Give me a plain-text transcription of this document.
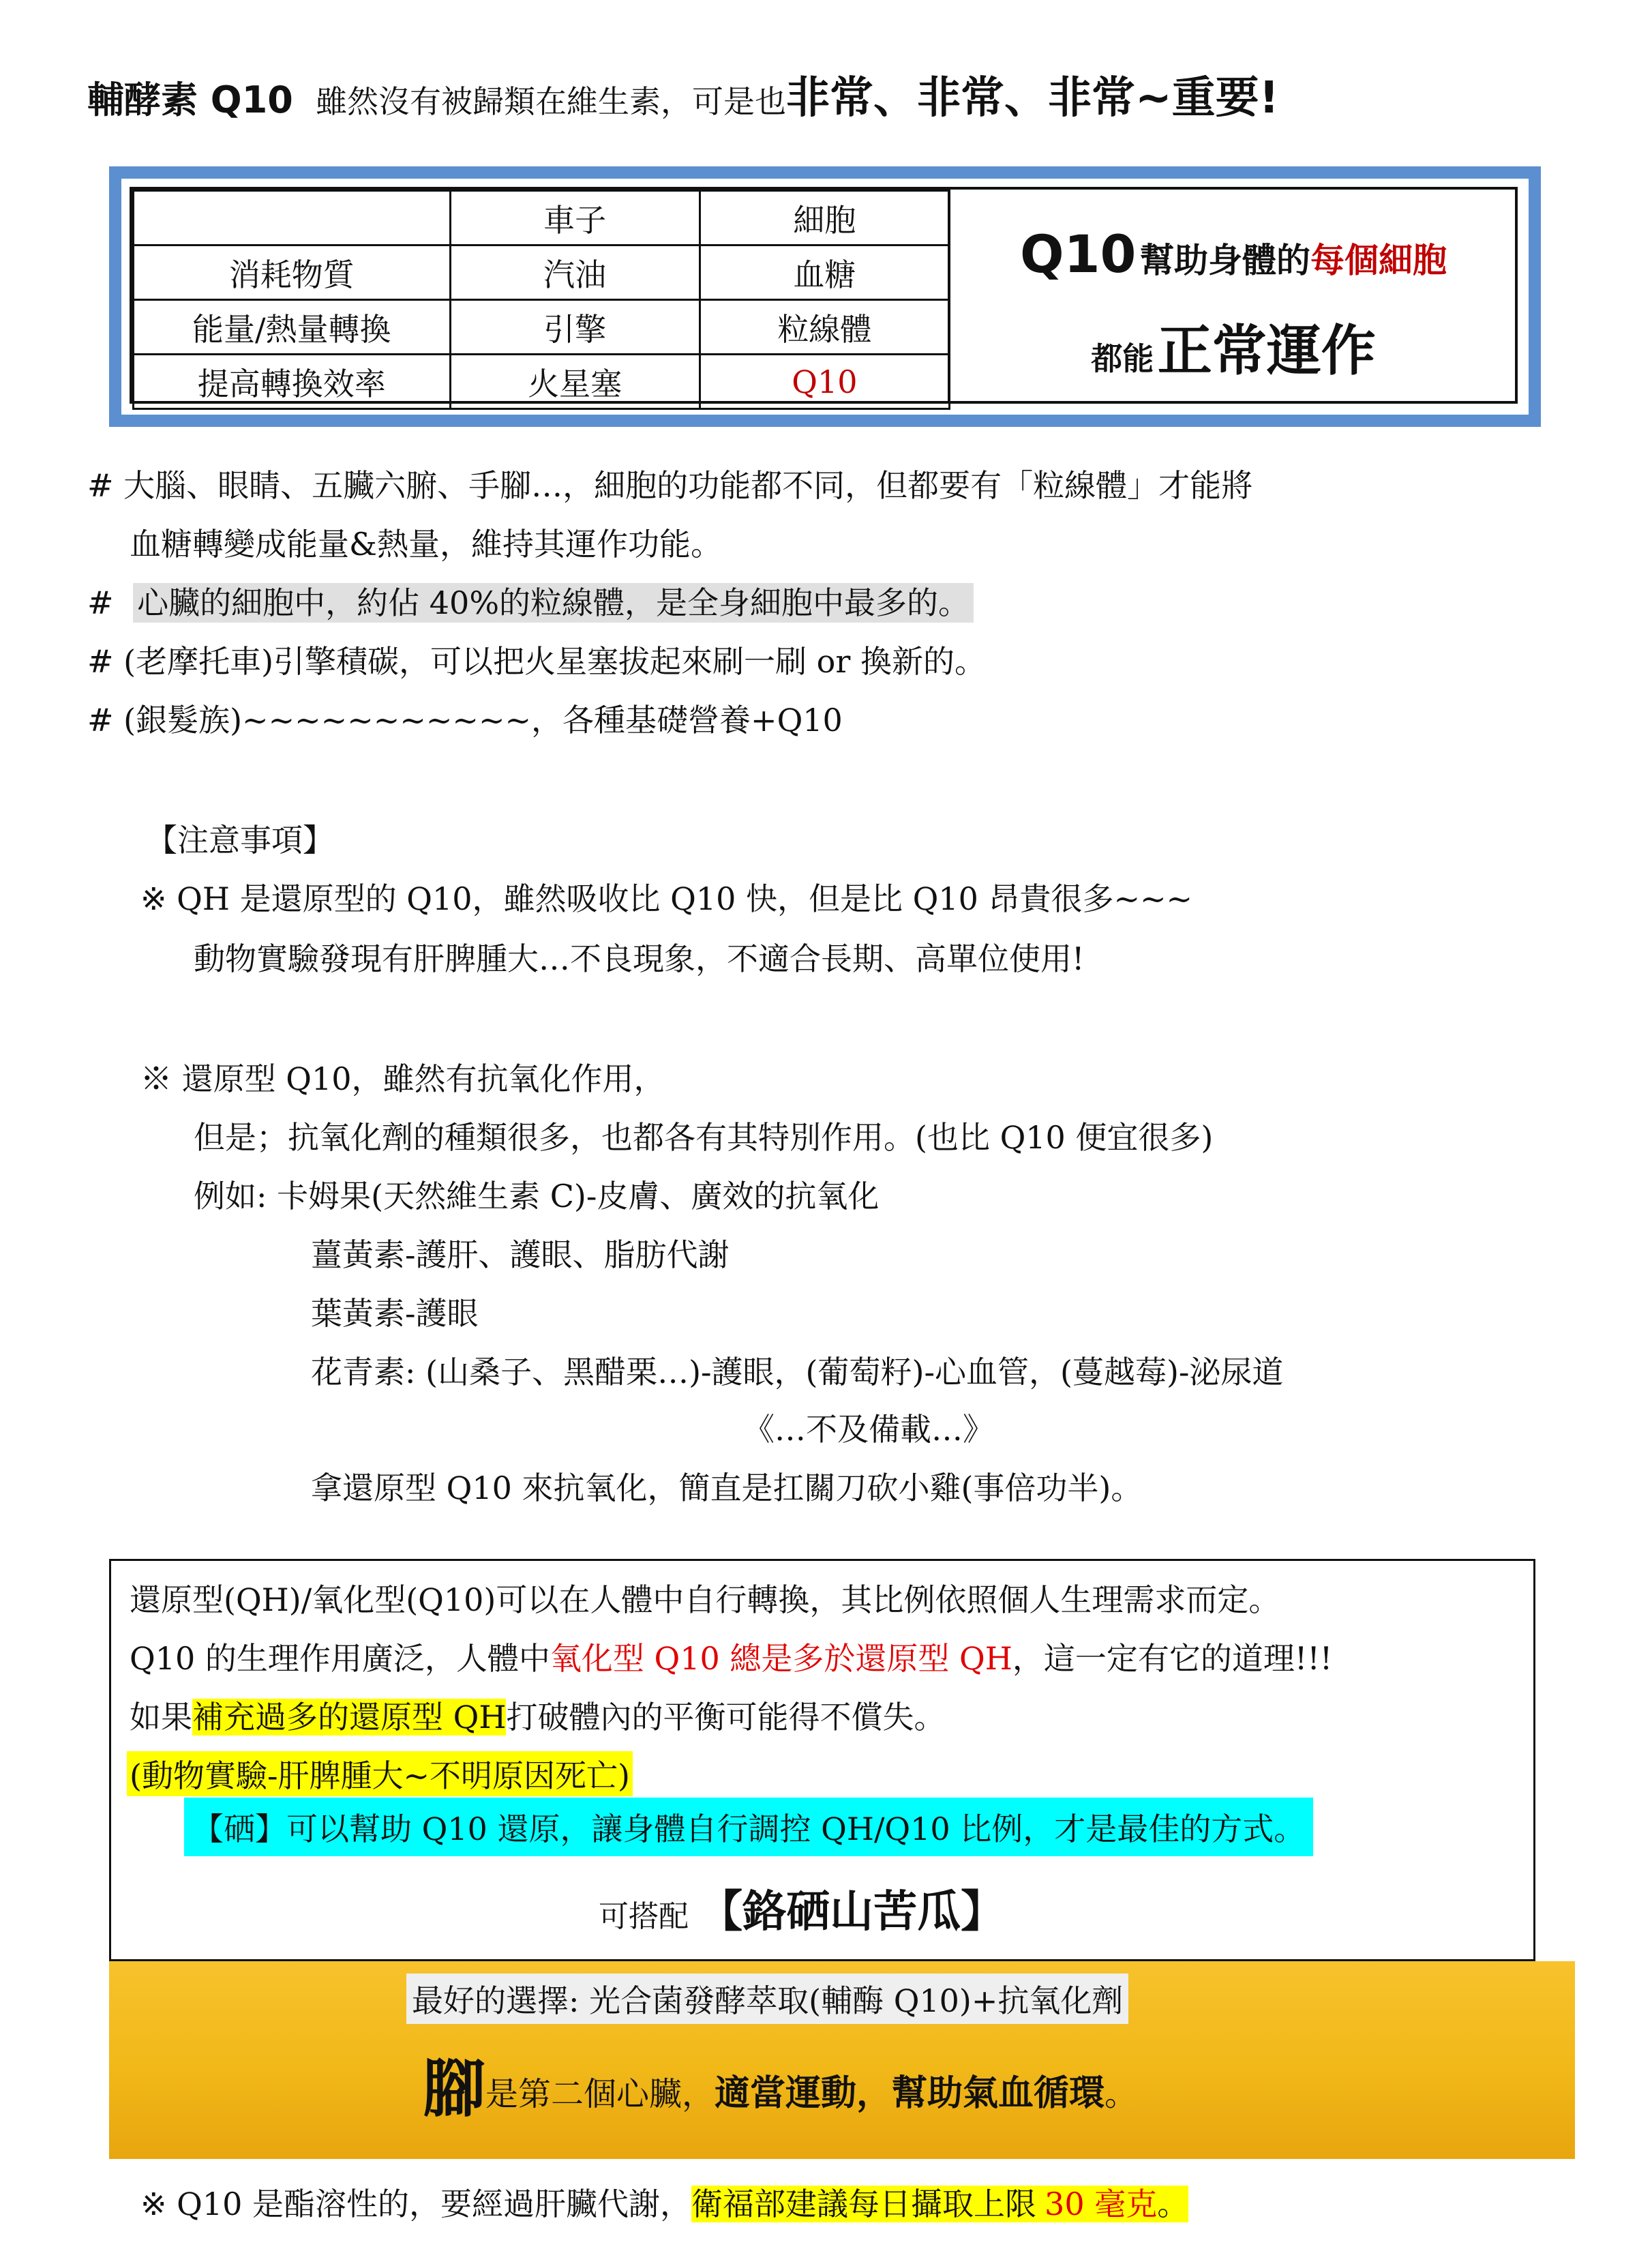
輔酵素 Q10 雖然沒有被歸類在維生素，可是也非常、非常、非常~重要!
	車子	細胞
消耗物質	汽油	血糖
能量/熱量轉換	引擎	粒線體
提高轉換效率	火星塞	Q10
Q10 幫助身體的每個細胞
都能 正常運作
# 大腦、眼睛、五臟六腑、手腳…，細胞的功能都不同，但都要有「粒線體」才能將
血糖轉變成能量&熱量，維持其運作功能。
# 心臟的細胞中，約佔 40%的粒線體，是全身細胞中最多的。
# (老摩托車)引擎積碳，可以把火星塞拔起來刷一刷 or 換新的。
# (銀髮族)~~~~~~~~~~~，各種基礎營養+Q10
【注意事項】
※ QH 是還原型的 Q10，雖然吸收比 Q10 快，但是比 Q10 昂貴很多~~~
動物實驗發現有肝脾腫大…不良現象，不適合長期、高單位使用!
※ 還原型 Q10，雖然有抗氧化作用，
但是；抗氧化劑的種類很多，也都各有其特別作用。(也比 Q10 便宜很多)
例如: 卡姆果(天然維生素 C)-皮膚、廣效的抗氧化
薑黃素-護肝、護眼、脂肪代謝
葉黃素-護眼
花青素: (山桑子、黑醋栗…)-護眼，(葡萄籽)-心血管，(蔓越莓)-泌尿道
《…不及備載…》
拿還原型 Q10 來抗氧化，簡直是扛關刀砍小雞(事倍功半)。
還原型(QH)/氧化型(Q10)可以在人體中自行轉換，其比例依照個人生理需求而定。
Q10 的生理作用廣泛，人體中氧化型 Q10 總是多於還原型 QH，這一定有它的道理!!!
如果補充過多的還原型 QH打破體內的平衡可能得不償失。
(動物實驗-肝脾腫大~不明原因死亡)
【硒】可以幫助 Q10 還原，讓身體自行調控 QH/Q10 比例，才是最佳的方式。
可搭配 【鉻硒山苦瓜】
最好的選擇: 光合菌發酵萃取(輔酶 Q10)+抗氧化劑
腳是第二個心臟，適當運動，幫助氣血循環。
※ Q10 是酯溶性的，要經過肝臟代謝，衛福部建議每日攝取上限 30 毫克。
